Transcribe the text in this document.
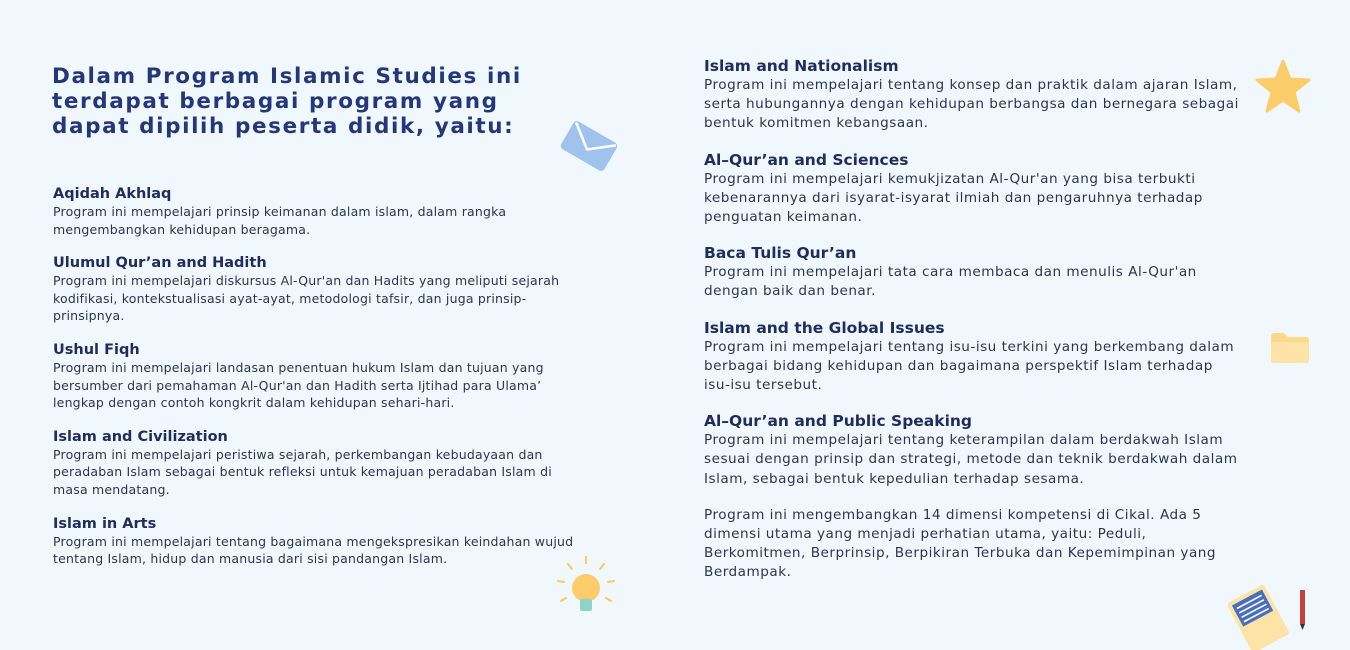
Dalam Program Islamic Studies ini terdapat berbagai program yang dapat dipilih peserta didik, yaitu:

Aqidah Akhlaq

Program ini mempelajari prinsip keimanan dalam islam, dalam rangka mengembangkan kehidupan beragama.

Ulumul Qur’an and Hadith

Program ini mempelajari diskursus Al-Qur'an dan Hadits yang meliputi sejarah kodifikasi, kontekstualisasi ayat-ayat, metodologi tafsir, dan juga prinsip-prinsipnya.

Ushul Fiqh

Program ini mempelajari landasan penentuan hukum Islam dan tujuan yang bersumber dari pemahaman Al-Qur'an dan Hadith serta Ijtihad para Ulama’ lengkap dengan contoh kongkrit dalam kehidupan sehari-hari.

Islam and Civilization

Program ini mempelajari peristiwa sejarah, perkembangan kebudayaan dan peradaban Islam sebagai bentuk refleksi untuk kemajuan peradaban Islam di masa mendatang.

Islam in Arts

Program ini mempelajari tentang bagaimana mengekspresikan keindahan wujud tentang Islam, hidup dan manusia dari sisi pandangan Islam.

Islam and Nationalism

Program ini mempelajari tentang konsep dan praktik dalam ajaran Islam, serta hubungannya dengan kehidupan berbangsa dan bernegara sebagai bentuk komitmen kebangsaan.

Al–Qur’an and Sciences

Program ini mempelajari kemukjizatan Al-Qur'an yang bisa terbukti kebenarannya dari isyarat-isyarat ilmiah dan pengaruhnya terhadap penguatan keimanan.

Baca Tulis Qur’an

Program ini mempelajari tata cara membaca dan menulis Al-Qur'an dengan baik dan benar.

Islam and the Global Issues

Program ini mempelajari tentang isu-isu terkini yang berkembang dalam berbagai bidang kehidupan dan bagaimana perspektif Islam terhadap isu-isu tersebut.

Al–Qur’an and Public Speaking

Program ini mempelajari tentang keterampilan dalam berdakwah Islam sesuai dengan prinsip dan strategi, metode dan teknik berdakwah dalam Islam, sebagai bentuk kepedulian terhadap sesama.

Program ini mengembangkan 14 dimensi kompetensi di Cikal. Ada 5 dimensi utama yang menjadi perhatian utama, yaitu: Peduli, Berkomitmen, Berprinsip, Berpikiran Terbuka dan Kepemimpinan yang Berdampak.
